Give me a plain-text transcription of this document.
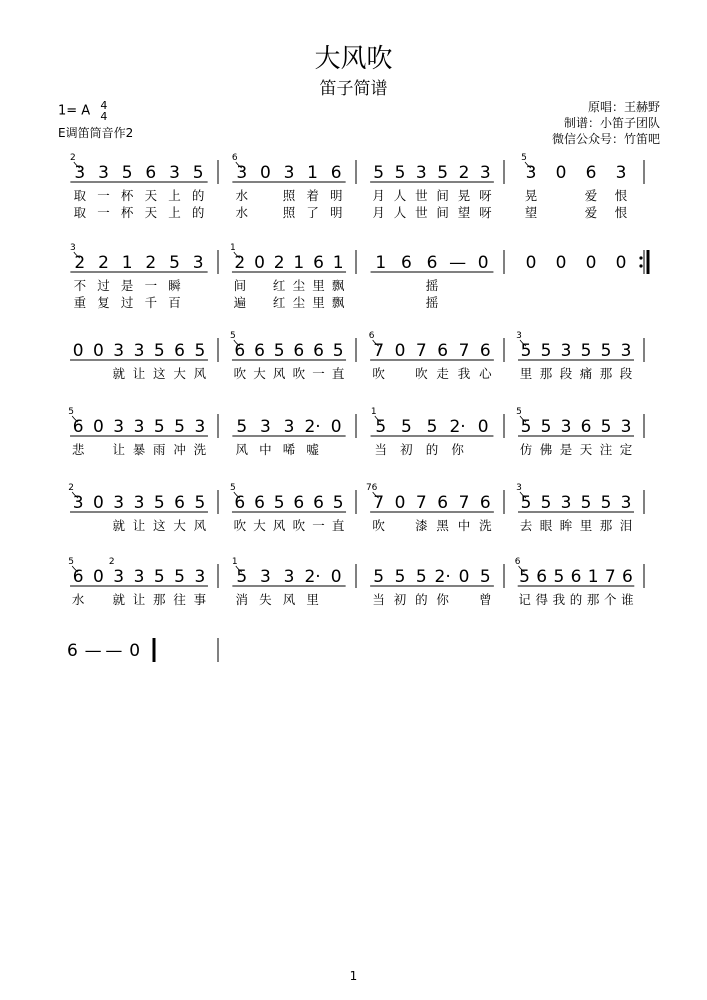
大风吹
笛子简谱
1= A 4
4
E调笛筒音作2
原唱：王赫野
制谱：小笛子团队
微信公众号：竹笛吧
3
取
取
3
一
一
5
杯
杯
6
天
天
3
上
上
5
的
的
2
3
水
水
0 3
照
照
1
着
了
6
明
明
6
5
月
月
5
人
人
3
世
世
5
间
间
2
晃
望
3
呀
呀
3
晃
望
0 6
爱
爱
3
恨
恨
5
2
不
重
2
过
复
1
是
过
2
一
千
5
瞬
百
3
3
2
间
遍
0 2
红
红
1
尘
尘
6
里
里
1
飘
飘
1
1 6 6
摇
摇
— 0 0 0 0 0
0 0 3
就
3
让
5
这
6
大
5
风
6
吹
6
大
5
风
6
吹
6
一
5
直
5
7
吹
0 7
吹
6
走
7
我
6
心
6
5
里
5
那
3
段
5
痛
5
那
3
段
3
6
悲
0 3
让
3
暴
5
雨
5
冲
3
洗
5
5
风
3
中
3
唏
2·
嘘
0 5
当
5
初
5
的
2·
你
0
1
5
仿
5
佛
3
是
6
天
5
注
3
定
5
3 0 3
就
3
让
5
这
6
大
5
风
2
6
吹
6
大
5
风
6
吹
6
一
5
直
5
7
吹
0 7
漆
6
黑
7
中
6
洗
76
5
去
5
眼
3
眸
5
里
5
那
3
泪
3
6
水
0 3
就
3
让
5
那
5
往
3
事
5	2
5
消
3
失
3
风
2·
里
0
1
5
当
5
初
5
的
2·
你
0 5
曾
5
记
6
得
5
我
6
的
1
那
7
个
6
谁
6
6 — — 0
1
